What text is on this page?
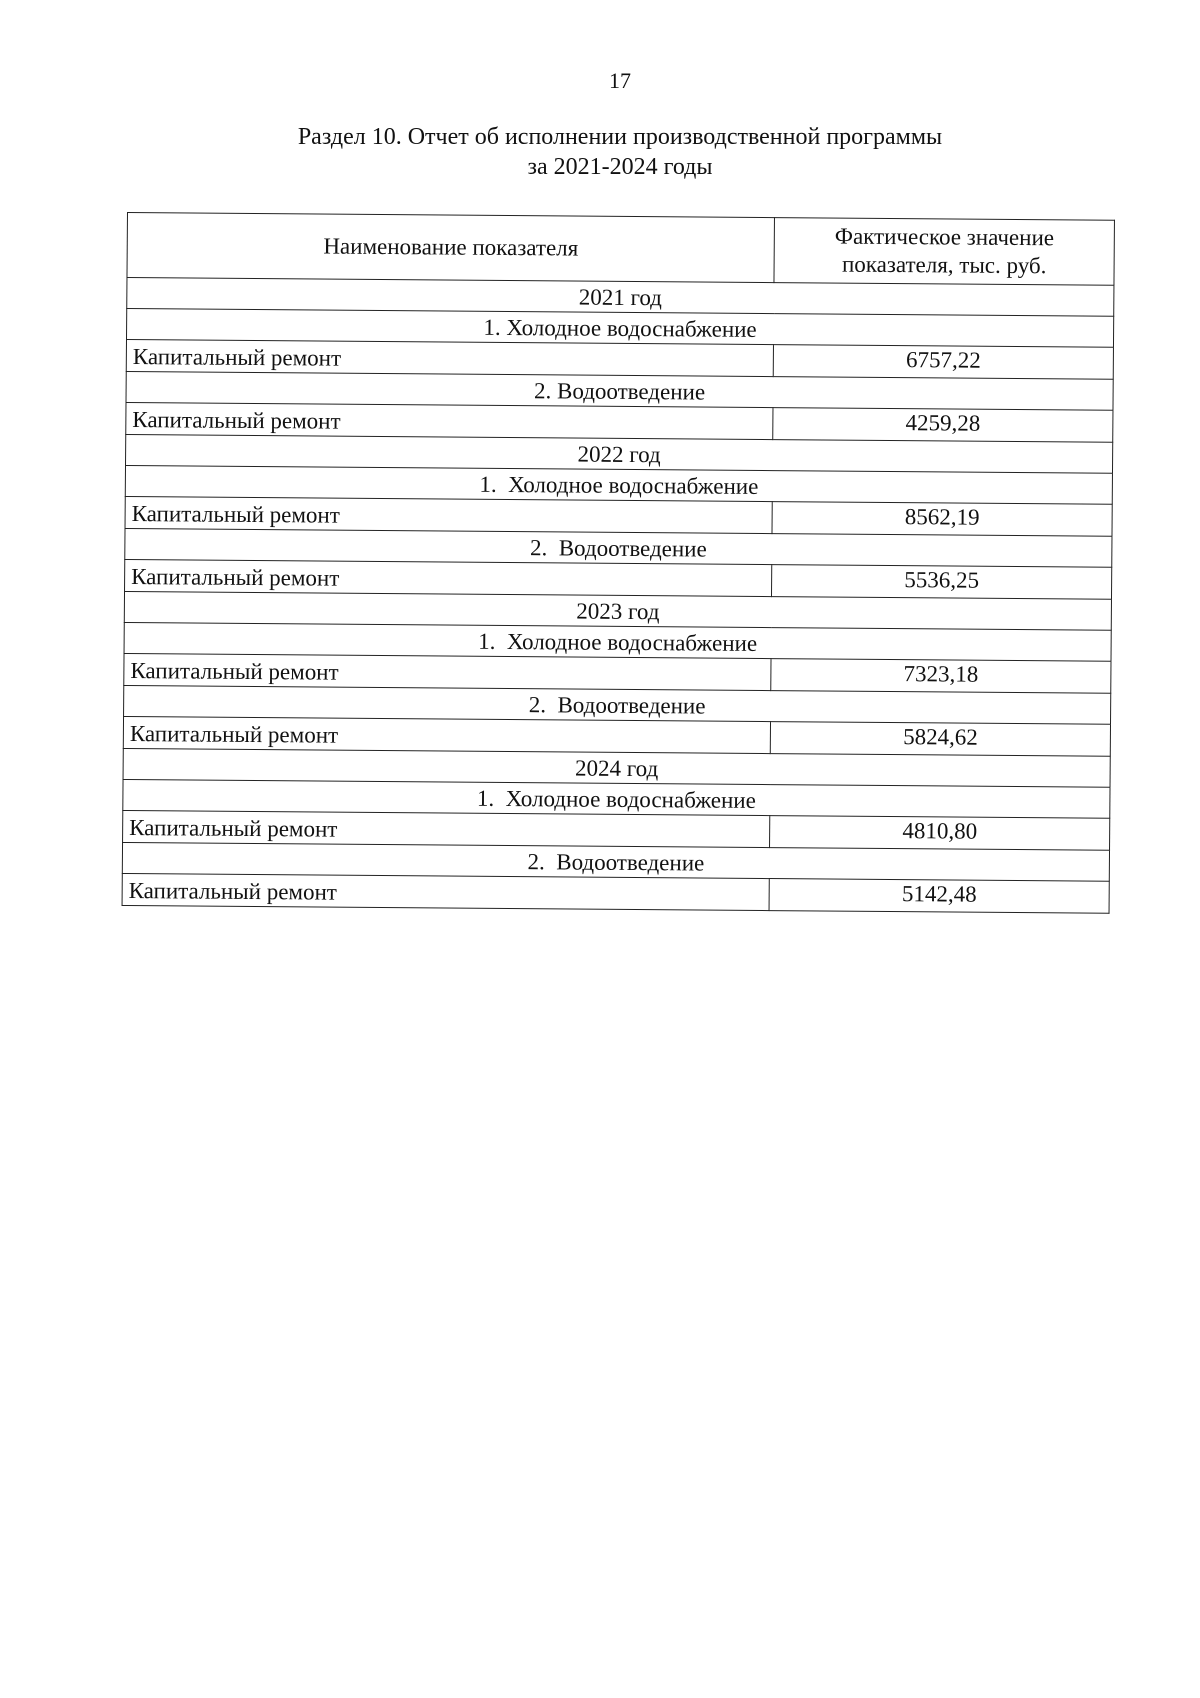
17
Раздел 10. Отчет об исполнении производственной программы
за 2021-2024 годы
Наименование показателя	Фактическое значение показателя, тыс. руб.
2021 год	
1. Холодное водоснабжение	
Капитальный ремонт	6757,22
2. Водоотведение	
Капитальный ремонт	4259,28
2022 год	
1.  Холодное водоснабжение	
Капитальный ремонт	8562,19
2.  Водоотведение	
Капитальный ремонт	5536,25
2023 год	
1.  Холодное водоснабжение	
Капитальный ремонт	7323,18
2.  Водоотведение	
Капитальный ремонт	5824,62
2024 год	
1.  Холодное водоснабжение	
Капитальный ремонт	4810,80
2.  Водоотведение	
Капитальный ремонт	5142,48
